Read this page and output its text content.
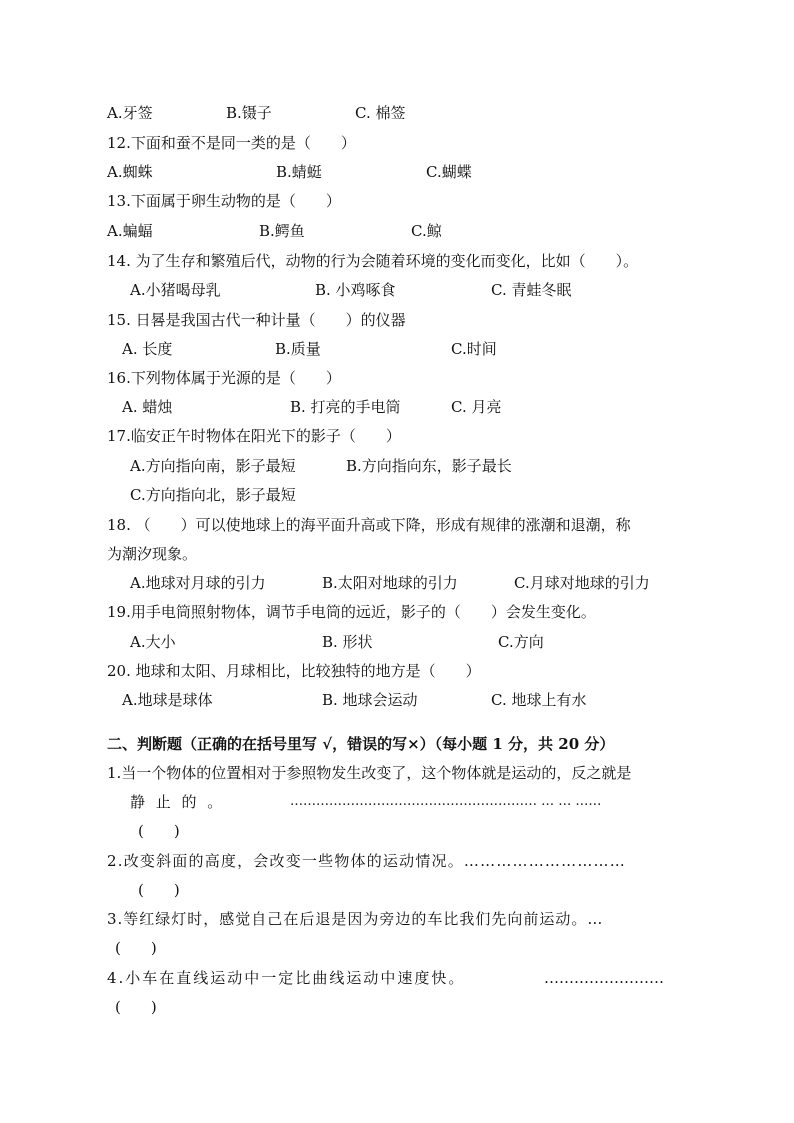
A.牙签	B.镊子	C. 棉签
12.下面和蚕不是同一类的是（　　）
A.蜘蛛	B.蜻蜓	C.蝴蝶
13.下面属于卵生动物的是（　　）
A.蝙蝠	B.鳄鱼	C.鲸
14. 为了生存和繁殖后代，动物的行为会随着环境的变化而变化，比如（　　）。
A.小猪喝母乳	B. 小鸡啄食	C. 青蛙冬眠
15. 日晷是我国古代一种计量（　　）的仪器
A. 长度	B.质量	C.时间
16.下列物体属于光源的是（　　）
A. 蜡烛	B. 打亮的手电筒	C. 月亮
17.临安正午时物体在阳光下的影子（　　）
A.方向指向南，影子最短	B.方向指向东，影子最长
C.方向指向北，影子最短
18. （　　）可以使地球上的海平面升高或下降，形成有规律的涨潮和退潮，称
为潮汐现象。
A.地球对月球的引力	B.太阳对地球的引力	C.月球对地球的引力
19.用手电筒照射物体，调节手电筒的远近，影子的（　　）会发生变化。
A.大小	B. 形状	C.方向
20. 地球和太阳、月球相比，比较独特的地方是（　　）
A.地球是球体	B. 地球会运动	C. 地球上有水
二、判断题（正确的在括号里写 √，错误的写×）（每小题 1 分，共 20 分）
1.当一个物体的位置相对于参照物发生改变了，这个物体就是运动的，反之就是
静 止 的 。	………………………………………………… … … ……
(　　)
2.改变斜面的高度，会改变一些物体的运动情况。…………………………
(　　)
3.等红绿灯时，感觉自己在后退是因为旁边的车比我们先向前运动。…
(　　)
4.小车在直线运动中一定比曲线运动中速度快。	……………………
(　　)
